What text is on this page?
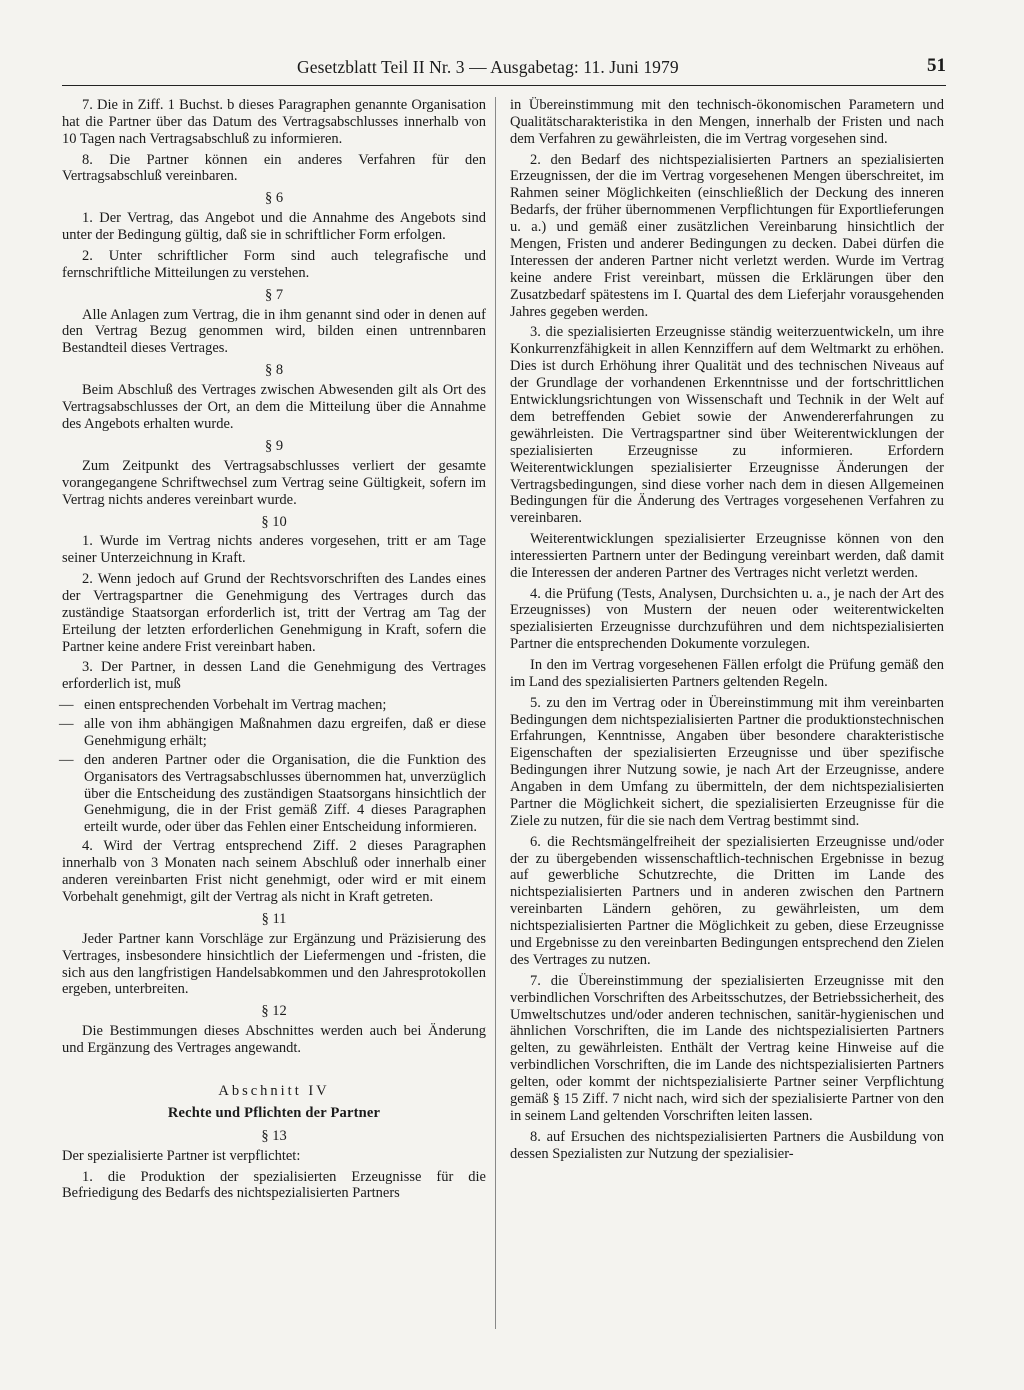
Gesetzblatt Teil II Nr. 3 — Ausgabetag: 11. Juni 1979	51

7. Die in Ziff. 1 Buchst. b dieses Paragraphen genannte Organisation hat die Partner über das Datum des Vertragsabschlusses innerhalb von 10 Tagen nach Vertragsabschluß zu informieren.

8. Die Partner können ein anderes Verfahren für den Vertragsabschluß vereinbaren.

§ 6

1. Der Vertrag, das Angebot und die Annahme des Angebots sind unter der Bedingung gültig, daß sie in schriftlicher Form erfolgen.

2. Unter schriftlicher Form sind auch telegrafische und fernschriftliche Mitteilungen zu verstehen.

§ 7

Alle Anlagen zum Vertrag, die in ihm genannt sind oder in denen auf den Vertrag Bezug genommen wird, bilden einen untrennbaren Bestandteil dieses Vertrages.

§ 8

Beim Abschluß des Vertrages zwischen Abwesenden gilt als Ort des Vertragsabschlusses der Ort, an dem die Mitteilung über die Annahme des Angebots erhalten wurde.

§ 9

Zum Zeitpunkt des Vertragsabschlusses verliert der gesamte vorangegangene Schriftwechsel zum Vertrag seine Gültigkeit, sofern im Vertrag nichts anderes vereinbart wurde.

§ 10

1. Wurde im Vertrag nichts anderes vorgesehen, tritt er am Tage seiner Unterzeichnung in Kraft.

2. Wenn jedoch auf Grund der Rechtsvorschriften des Landes eines der Vertragspartner die Genehmigung des Vertrages durch das zuständige Staatsorgan erforderlich ist, tritt der Vertrag am Tag der Erteilung der letzten erforderlichen Genehmigung in Kraft, sofern die Partner keine andere Frist vereinbart haben.

3. Der Partner, in dessen Land die Genehmigung des Vertrages erforderlich ist, muß

— einen entsprechenden Vorbehalt im Vertrag machen;
— alle von ihm abhängigen Maßnahmen dazu ergreifen, daß er diese Genehmigung erhält;
— den anderen Partner oder die Organisation, die die Funktion des Organisators des Vertragsabschlusses übernommen hat, unverzüglich über die Entscheidung des zuständigen Staatsorgans hinsichtlich der Genehmigung, die in der Frist gemäß Ziff. 4 dieses Paragraphen erteilt wurde, oder über das Fehlen einer Entscheidung informieren.

4. Wird der Vertrag entsprechend Ziff. 2 dieses Paragraphen innerhalb von 3 Monaten nach seinem Abschluß oder innerhalb einer anderen vereinbarten Frist nicht genehmigt, oder wird er mit einem Vorbehalt genehmigt, gilt der Vertrag als nicht in Kraft getreten.

§ 11

Jeder Partner kann Vorschläge zur Ergänzung und Präzisierung des Vertrages, insbesondere hinsichtlich der Liefermengen und -fristen, die sich aus den langfristigen Handelsabkommen und den Jahresprotokollen ergeben, unterbreiten.

§ 12

Die Bestimmungen dieses Abschnittes werden auch bei Änderung und Ergänzung des Vertrages angewandt.

Abschnitt IV
Rechte und Pflichten der Partner
§ 13

Der spezialisierte Partner ist verpflichtet:

1. die Produktion der spezialisierten Erzeugnisse für die Befriedigung des Bedarfs des nichtspezialisierten Partners

in Übereinstimmung mit den technisch-ökonomischen Parametern und Qualitätscharakteristika in den Mengen, innerhalb der Fristen und nach dem Verfahren zu gewährleisten, die im Vertrag vorgesehen sind.

2. den Bedarf des nichtspezialisierten Partners an spezialisierten Erzeugnissen, der die im Vertrag vorgesehenen Mengen überschreitet, im Rahmen seiner Möglichkeiten (einschließlich der Deckung des inneren Bedarfs, der früher übernommenen Verpflichtungen für Exportlieferungen u. a.) und gemäß einer zusätzlichen Vereinbarung hinsichtlich der Mengen, Fristen und anderer Bedingungen zu decken. Dabei dürfen die Interessen der anderen Partner nicht verletzt werden. Wurde im Vertrag keine andere Frist vereinbart, müssen die Erklärungen über den Zusatzbedarf spätestens im I. Quartal des dem Lieferjahr vorausgehenden Jahres gegeben werden.

3. die spezialisierten Erzeugnisse ständig weiterzuentwickeln, um ihre Konkurrenzfähigkeit in allen Kennziffern auf dem Weltmarkt zu erhöhen. Dies ist durch Erhöhung ihrer Qualität und des technischen Niveaus auf der Grundlage der vorhandenen Erkenntnisse und der fortschrittlichen Entwicklungsrichtungen von Wissenschaft und Technik in der Welt auf dem betreffenden Gebiet sowie der Anwendererfahrungen zu gewährleisten. Die Vertragspartner sind über Weiterentwicklungen der spezialisierten Erzeugnisse zu informieren. Erfordern Weiterentwicklungen spezialisierter Erzeugnisse Änderungen der Vertragsbedingungen, sind diese vorher nach dem in diesen Allgemeinen Bedingungen für die Änderung des Vertrages vorgesehenen Verfahren zu vereinbaren.

Weiterentwicklungen spezialisierter Erzeugnisse können von den interessierten Partnern unter der Bedingung vereinbart werden, daß damit die Interessen der anderen Partner des Vertrages nicht verletzt werden.

4. die Prüfung (Tests, Analysen, Durchsichten u. a., je nach der Art des Erzeugnisses) von Mustern der neuen oder weiterentwickelten spezialisierten Erzeugnisse durchzuführen und dem nichtspezialisierten Partner die entsprechenden Dokumente vorzulegen.

In den im Vertrag vorgesehenen Fällen erfolgt die Prüfung gemäß den im Land des spezialisierten Partners geltenden Regeln.

5. zu den im Vertrag oder in Übereinstimmung mit ihm vereinbarten Bedingungen dem nichtspezialisierten Partner die produktionstechnischen Erfahrungen, Kenntnisse, Angaben über besondere charakteristische Eigenschaften der spezialisierten Erzeugnisse und über spezifische Bedingungen ihrer Nutzung sowie, je nach Art der Erzeugnisse, andere Angaben in dem Umfang zu übermitteln, der dem nichtspezialisierten Partner die Möglichkeit sichert, die spezialisierten Erzeugnisse für die Ziele zu nutzen, für die sie nach dem Vertrag bestimmt sind.

6. die Rechtsmängelfreiheit der spezialisierten Erzeugnisse und/oder der zu übergebenden wissenschaftlich-technischen Ergebnisse in bezug auf gewerbliche Schutzrechte, die Dritten im Lande des nichtspezialisierten Partners und in anderen zwischen den Partnern vereinbarten Ländern gehören, zu gewährleisten, um dem nichtspezialisierten Partner die Möglichkeit zu geben, diese Erzeugnisse und Ergebnisse zu den vereinbarten Bedingungen entsprechend den Zielen des Vertrages zu nutzen.

7. die Übereinstimmung der spezialisierten Erzeugnisse mit den verbindlichen Vorschriften des Arbeitsschutzes, der Betriebssicherheit, des Umweltschutzes und/oder anderen technischen, sanitär-hygienischen und ähnlichen Vorschriften, die im Lande des nichtspezialisierten Partners gelten, zu gewährleisten. Enthält der Vertrag keine Hinweise auf die verbindlichen Vorschriften, die im Lande des nichtspezialisierten Partners gelten, oder kommt der nichtspezialisierte Partner seiner Verpflichtung gemäß § 15 Ziff. 7 nicht nach, wird sich der spezialisierte Partner von den in seinem Land geltenden Vorschriften leiten lassen.

8. auf Ersuchen des nichtspezialisierten Partners die Ausbildung von dessen Spezialisten zur Nutzung der spezialisier-
